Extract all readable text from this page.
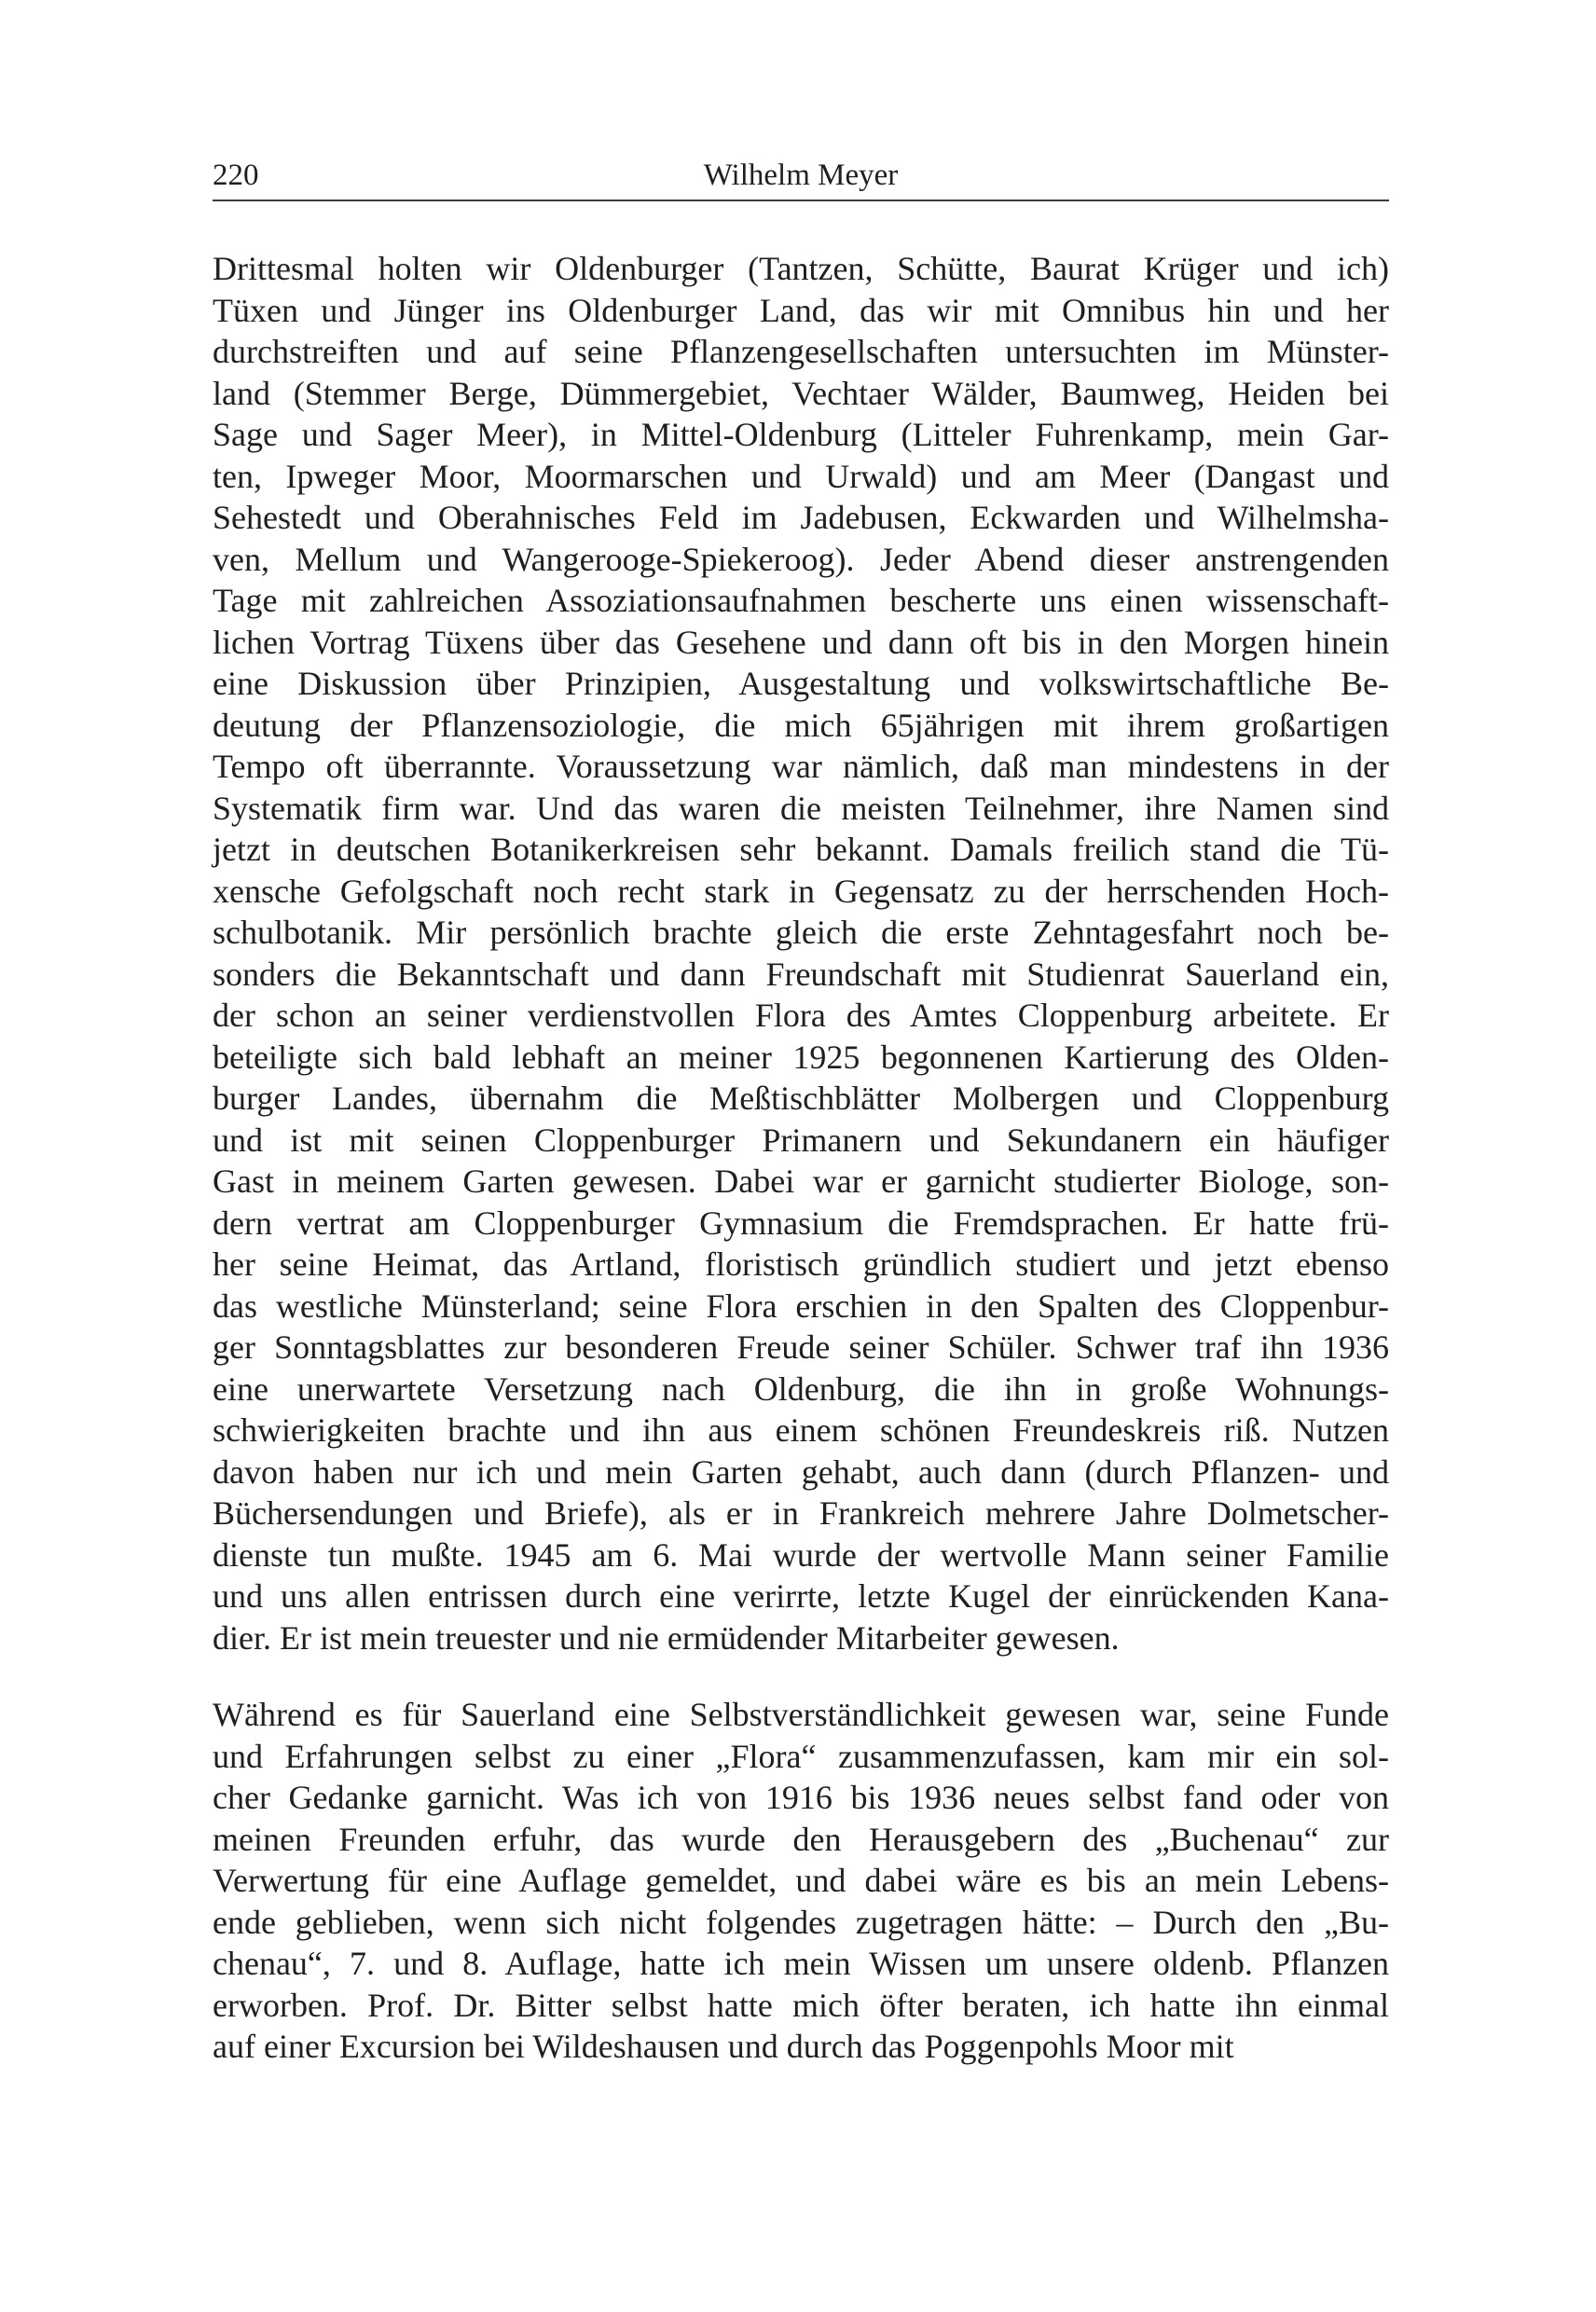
220	Wilhelm Meyer

Drittesmal holten wir Oldenburger (Tantzen, Schütte, Baurat Krüger und ich)
Tüxen und Jünger ins Oldenburger Land, das wir mit Omnibus hin und her
durchstreiften und auf seine Pflanzengesellschaften untersuchten im Münster-
land (Stemmer Berge, Dümmergebiet, Vechtaer Wälder, Baumweg, Heiden bei
Sage und Sager Meer), in Mittel-Oldenburg (Litteler Fuhrenkamp, mein Gar-
ten, Ipweger Moor, Moormarschen und Urwald) und am Meer (Dangast und
Sehestedt und Oberahnisches Feld im Jadebusen, Eckwarden und Wilhelmsha-
ven, Mellum und Wangerooge-Spiekeroog). Jeder Abend dieser anstrengenden
Tage mit zahlreichen Assoziationsaufnahmen bescherte uns einen wissenschaft-
lichen Vortrag Tüxens über das Gesehene und dann oft bis in den Morgen hinein
eine Diskussion über Prinzipien, Ausgestaltung und volkswirtschaftliche Be-
deutung der Pflanzensoziologie, die mich 65jährigen mit ihrem großartigen
Tempo oft überrannte. Voraussetzung war nämlich, daß man mindestens in der
Systematik firm war. Und das waren die meisten Teilnehmer, ihre Namen sind
jetzt in deutschen Botanikerkreisen sehr bekannt. Damals freilich stand die Tü-
xensche Gefolgschaft noch recht stark in Gegensatz zu der herrschenden Hoch-
schulbotanik. Mir persönlich brachte gleich die erste Zehntagesfahrt noch be-
sonders die Bekanntschaft und dann Freundschaft mit Studienrat Sauerland ein,
der schon an seiner verdienstvollen Flora des Amtes Cloppenburg arbeitete. Er
beteiligte sich bald lebhaft an meiner 1925 begonnenen Kartierung des Olden-
burger Landes, übernahm die Meßtischblätter Molbergen und Cloppenburg
und ist mit seinen Cloppenburger Primanern und Sekundanern ein häufiger
Gast in meinem Garten gewesen. Dabei war er garnicht studierter Biologe, son-
dern vertrat am Cloppenburger Gymnasium die Fremdsprachen. Er hatte frü-
her seine Heimat, das Artland, floristisch gründlich studiert und jetzt ebenso
das westliche Münsterland; seine Flora erschien in den Spalten des Cloppenbur-
ger Sonntagsblattes zur besonderen Freude seiner Schüler. Schwer traf ihn 1936
eine unerwartete Versetzung nach Oldenburg, die ihn in große Wohnungs-
schwierigkeiten brachte und ihn aus einem schönen Freundeskreis riß. Nutzen
davon haben nur ich und mein Garten gehabt, auch dann (durch Pflanzen- und
Büchersendungen und Briefe), als er in Frankreich mehrere Jahre Dolmetscher-
dienste tun mußte. 1945 am 6. Mai wurde der wertvolle Mann seiner Familie
und uns allen entrissen durch eine verirrte, letzte Kugel der einrückenden Kana-
dier. Er ist mein treuester und nie ermüdender Mitarbeiter gewesen.

Während es für Sauerland eine Selbstverständlichkeit gewesen war, seine Funde
und Erfahrungen selbst zu einer „Flora“ zusammenzufassen, kam mir ein sol-
cher Gedanke garnicht. Was ich von 1916 bis 1936 neues selbst fand oder von
meinen Freunden erfuhr, das wurde den Herausgebern des „Buchenau“ zur
Verwertung für eine Auflage gemeldet, und dabei wäre es bis an mein Lebens-
ende geblieben, wenn sich nicht folgendes zugetragen hätte: – Durch den „Bu-
chenau“, 7. und 8. Auflage, hatte ich mein Wissen um unsere oldenb. Pflanzen
erworben. Prof. Dr. Bitter selbst hatte mich öfter beraten, ich hatte ihn einmal
auf einer Excursion bei Wildeshausen und durch das Poggenpohls Moor mit
